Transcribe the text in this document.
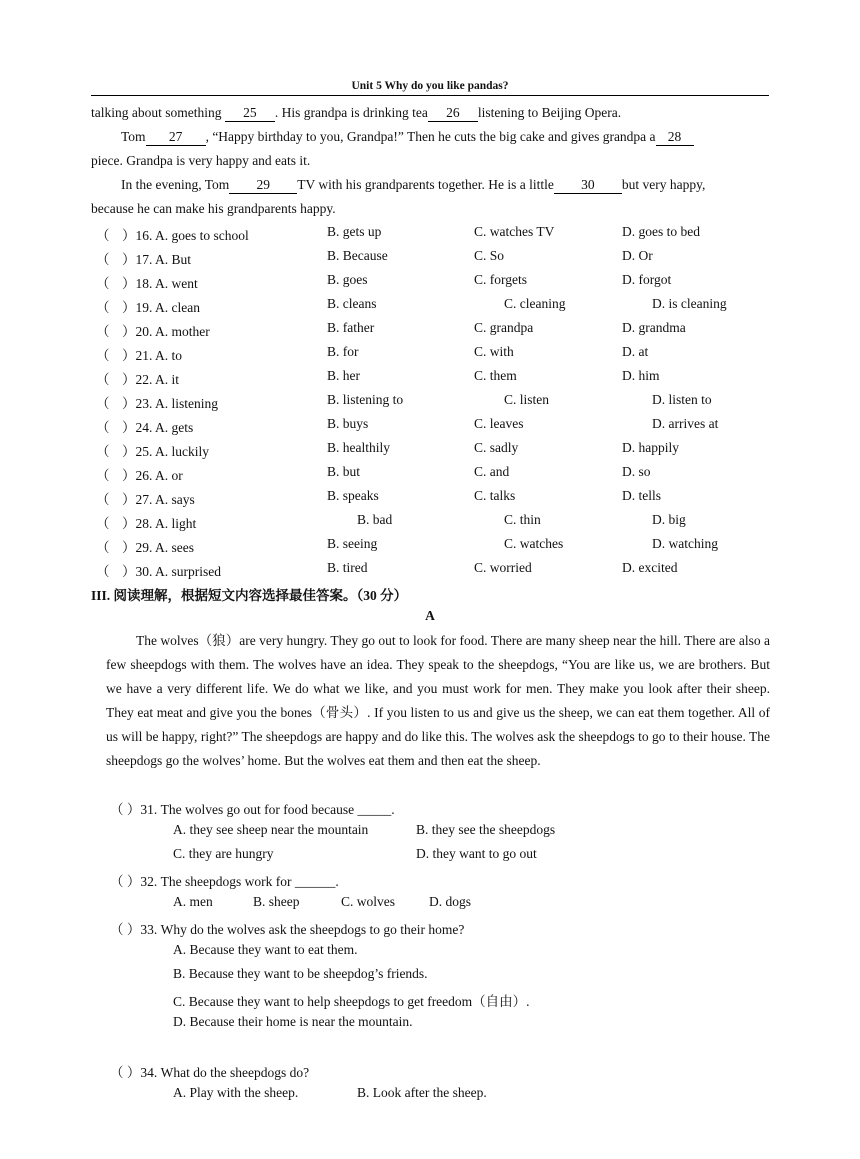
Unit 5 Why do you like pandas?
talking about something 25 . His grandpa is drinking tea 26 listening to Beijing Opera.
Tom 27 , “Happy birthday to you, Grandpa!” Then he cuts the big cake and gives grandpa a 28
piece. Grandpa is very happy and eats it.
In the evening, Tom 29 TV with his grandparents together. He is a little 30 but very happy,
because he can make his grandparents happy.
（ ）16. A. goes to school	B. gets up	C. watches TV	D. goes to bed
（ ）17. A. But	B. Because	C. So	D. Or
（ ）18. A. went	B. goes	C. forgets	D. forgot
（ ）19. A. clean	B. cleans	C. cleaning	D. is cleaning
（ ）20. A. mother	B. father	C. grandpa	D. grandma
（ ）21. A. to	B. for	C. with	D. at
（ ）22. A. it	B. her	C. them	D. him
（ ）23. A. listening	B. listening to	C. listen	D. listen to
（ ）24. A. gets	B. buys	C. leaves	D. arrives at
（ ）25. A. luckily	B. healthily	C. sadly	D. happily
（ ）26. A. or	B. but	C. and	D. so
（ ）27. A. says	B. speaks	C. talks	D. tells
（ ）28. A. light	B. bad	C. thin	D. big
（ ）29. A. sees	B. seeing	C. watches	D. watching
（ ）30. A. surprised	B. tired	C. worried	D. excited
III. 阅读理解，根据短文内容选择最佳答案。（30 分）
A
The wolves（狼）are very hungry. They go out to look for food. There are many sheep near the hill. There are also a few sheepdogs with them. The wolves have an idea. They speak to the sheepdogs, “You are like us, we are brothers. But we have a very different life. We do what we like, and you must work for men. They make you look after their sheep. They eat meat and give you the bones（骨头）. If you listen to us and give us the sheep, we can eat them together. All of us will be happy, right?” The sheepdogs are happy and do like this. The wolves ask the sheepdogs to go to their house. The sheepdogs go the wolves’ home. But the wolves eat them and then eat the sheep.
（ ）31. The wolves go out for food because _____.
A. they see sheep near the mountain	B. they see the sheepdogs
C. they are hungry	D. they want to go out
（ ）32. The sheepdogs work for ______.
A. men	B. sheep	C. wolves	D. dogs
（ ）33. Why do the wolves ask the sheepdogs to go their home?
A. Because they want to eat them.
B. Because they want to be sheepdog’s friends.
C. Because they want to help sheepdogs to get freedom（自由）.
D. Because their home is near the mountain.
（ ）34. What do the sheepdogs do?
A. Play with the sheep.	B. Look after the sheep.
